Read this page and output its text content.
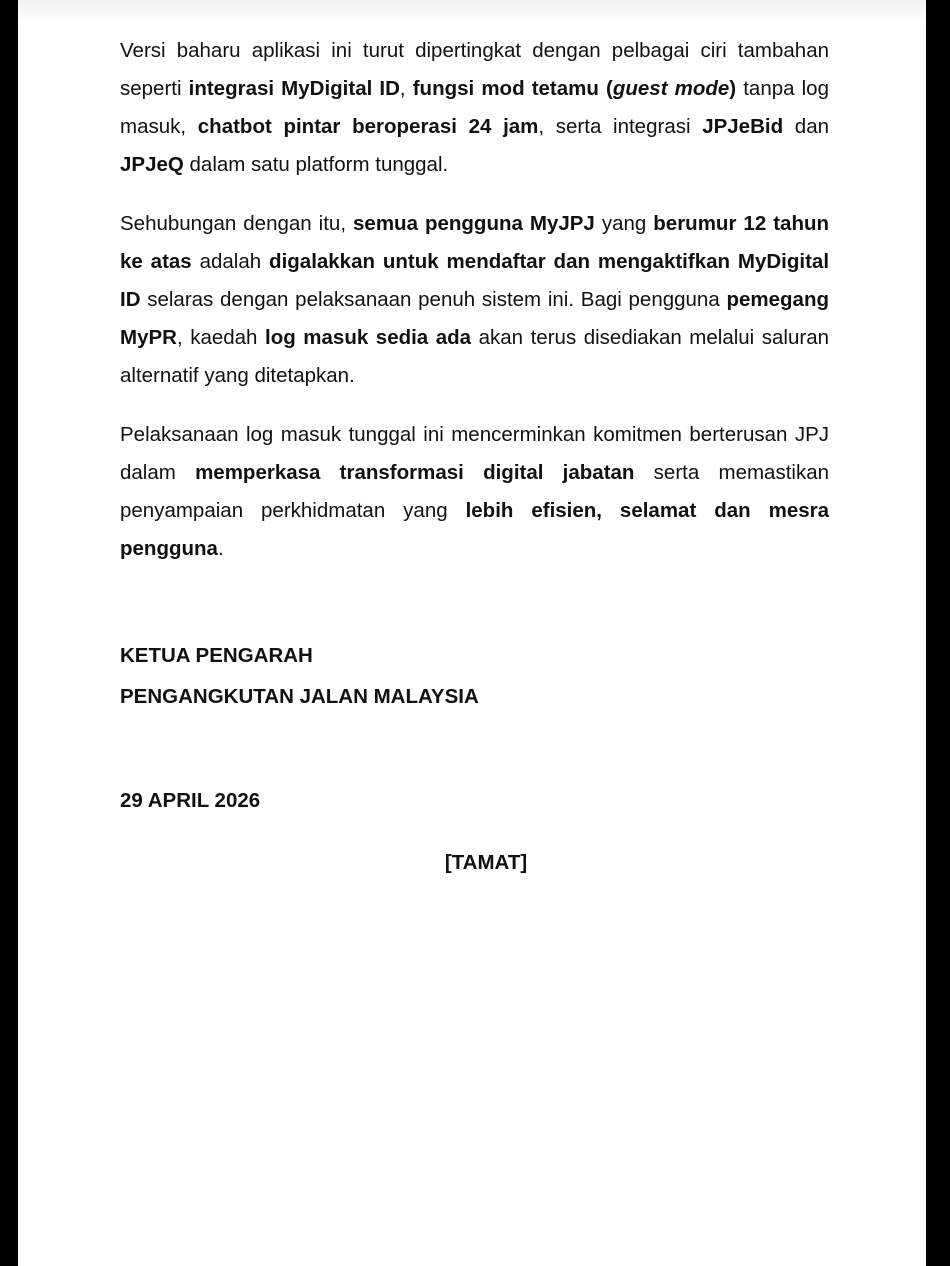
Versi baharu aplikasi ini turut dipertingkat dengan pelbagai ciri tambahan seperti integrasi MyDigital ID, fungsi mod tetamu (guest mode) tanpa log masuk, chatbot pintar beroperasi 24 jam, serta integrasi JPJeBid dan JPJeQ dalam satu platform tunggal.

Sehubungan dengan itu, semua pengguna MyJPJ yang berumur 12 tahun ke atas adalah digalakkan untuk mendaftar dan mengaktifkan MyDigital ID selaras dengan pelaksanaan penuh sistem ini. Bagi pengguna pemegang MyPR, kaedah log masuk sedia ada akan terus disediakan melalui saluran alternatif yang ditetapkan.

Pelaksanaan log masuk tunggal ini mencerminkan komitmen berterusan JPJ dalam memperkasa transformasi digital jabatan serta memastikan penyampaian perkhidmatan yang lebih efisien, selamat dan mesra pengguna.

KETUA PENGARAH
PENGANGKUTAN JALAN MALAYSIA
29 APRIL 2026
[TAMAT]
